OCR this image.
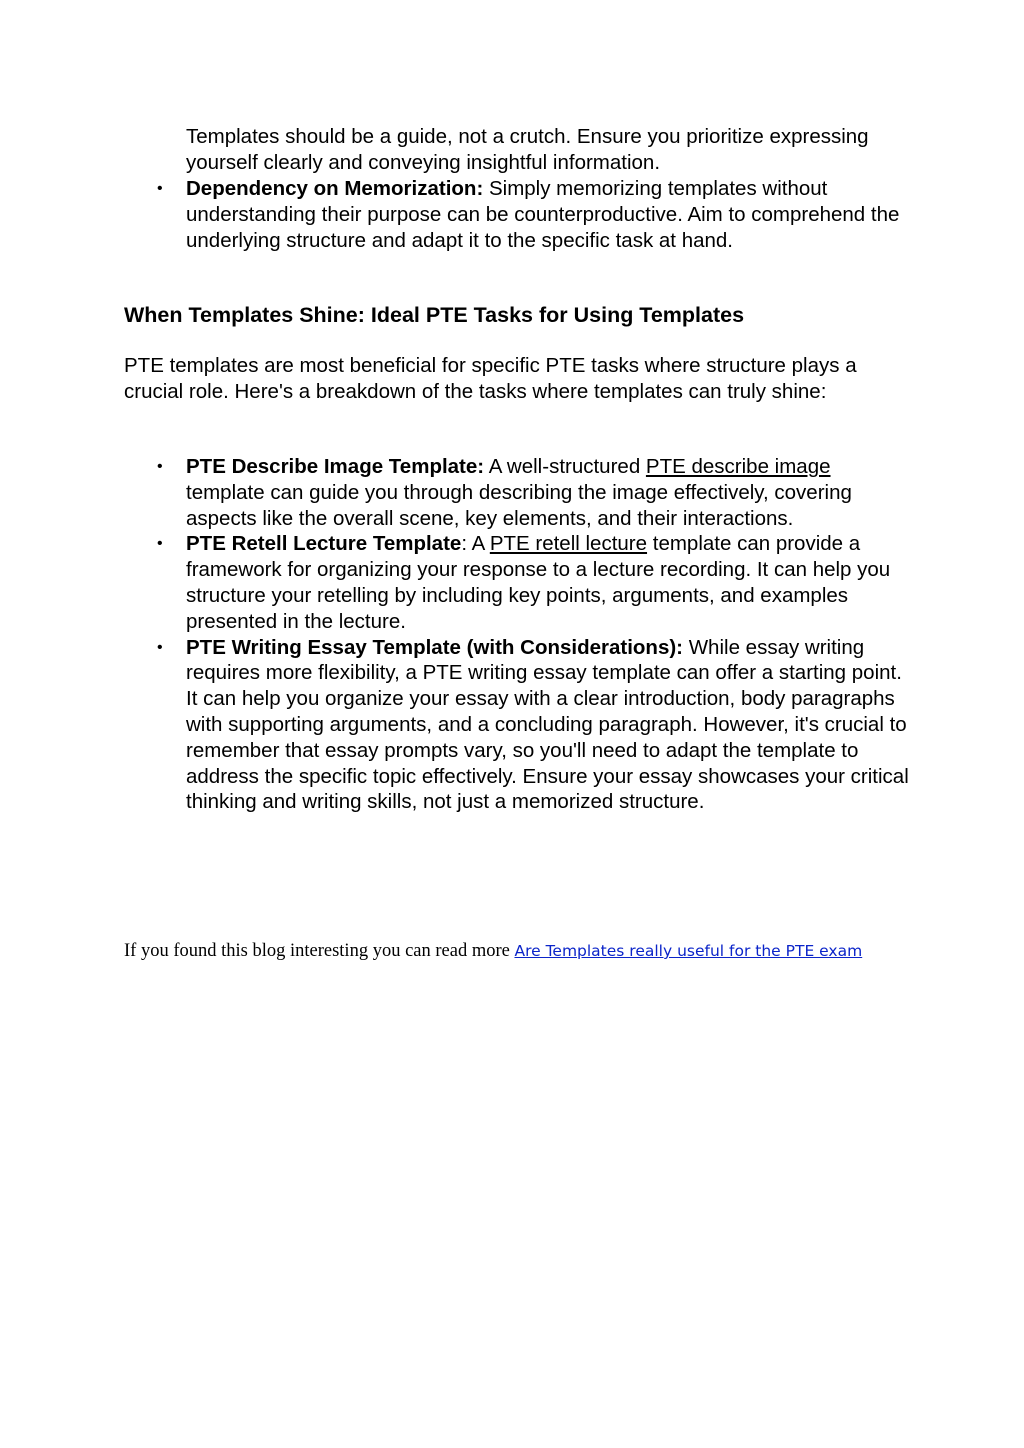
Templates should be a guide, not a crutch. Ensure you prioritize expressing yourself clearly and conveying insightful information.

• Dependency on Memorization: Simply memorizing templates without understanding their purpose can be counterproductive. Aim to comprehend the underlying structure and adapt it to the specific task at hand.
When Templates Shine: Ideal PTE Tasks for Using Templates

PTE templates are most beneficial for specific PTE tasks where structure plays a crucial role. Here's a breakdown of the tasks where templates can truly shine:

• PTE Describe Image Template: A well-structured PTE describe image template can guide you through describing the image effectively, covering aspects like the overall scene, key elements, and their interactions.
• PTE Retell Lecture Template: A PTE retell lecture template can provide a framework for organizing your response to a lecture recording. It can help you structure your retelling by including key points, arguments, and examples presented in the lecture.
• PTE Writing Essay Template (with Considerations): While essay writing requires more flexibility, a PTE writing essay template can offer a starting point. It can help you organize your essay with a clear introduction, body paragraphs with supporting arguments, and a concluding paragraph. However, it's crucial to remember that essay prompts vary, so you'll need to adapt the template to address the specific topic effectively. Ensure your essay showcases your critical thinking and writing skills, not just a memorized structure.

If you found this blog interesting you can read more Are Templates really useful for the PTE exam
